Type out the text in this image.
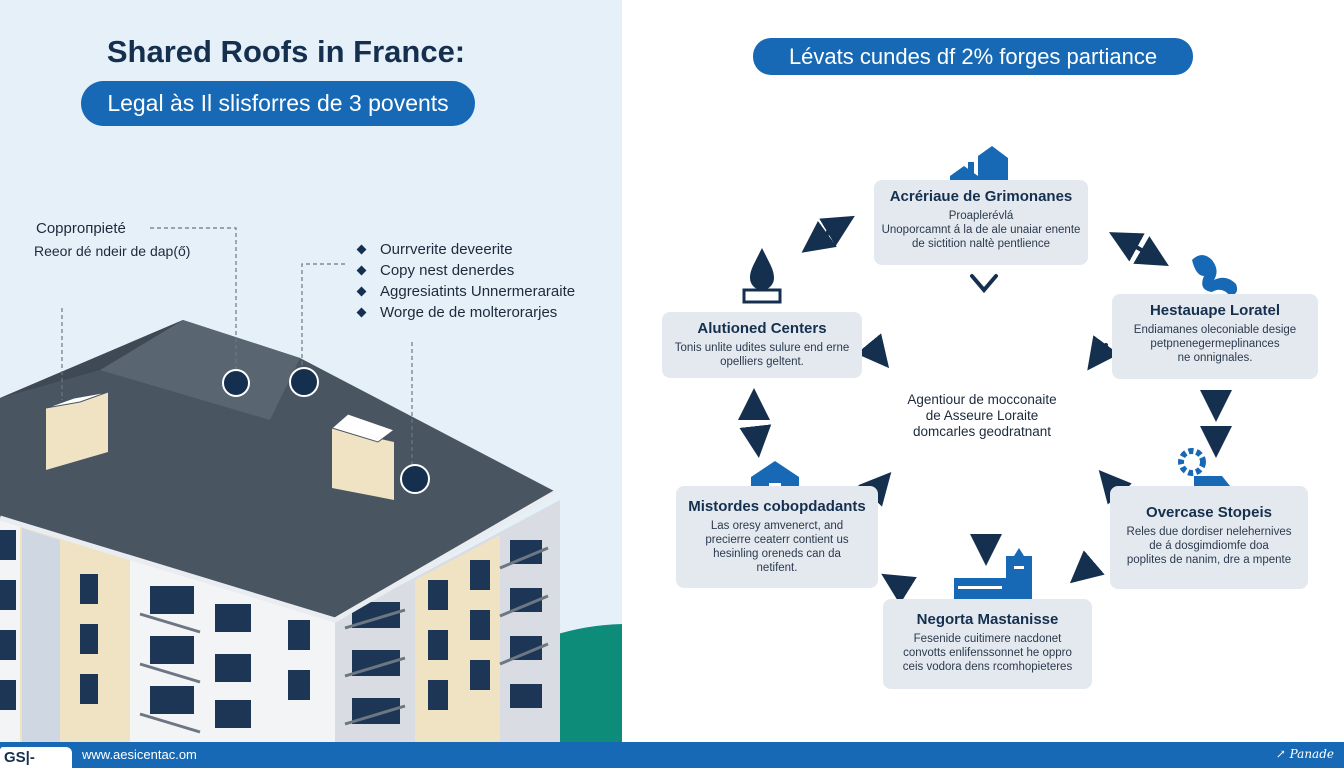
Shared Roofs in France:
Legal às Il slisforres de 3 povents
Copproпріеté
Reeor dé ndeir de dap(ő)	Ourrverite deveerite
Copy nest denerdes
Aggresiatints Unnermeraraite
Worge de de molterorarjes
Lévats cundes df 2% forges partiance
Acrériaue de Grimonanes
Proaplerévlá
Unoporcamnt á la de ale unaiar enente
de sictition naltè pentlience
Alutioned Centers
Tonis unlite udites sulure end erne
opelliers geltent.
Hestauape Loratel
Endiamanes oleconiable desige
petpnenegermeplinances
ne onnignales.
Agentiour de mocconaite
de Asseure Loraite
domcarles geodratnant
Mistordes cobopdadants
Las oresy amvenerct, and
precierre ceaterr contient us
hesinling oreneds can da
netifent.
Overcase Stopeis
Reles due dordiser nelehernives
de á dosgimdiomfe doa
poplites de nanim, dre a mpente
Negorta Mastanisse
Fesenide cuitimere nacdonet
convotts enlifenssonnet he oppro
ceis vodora dens rcomhopieteres
GS|-	www.aesicentac.om	↗ Panade
